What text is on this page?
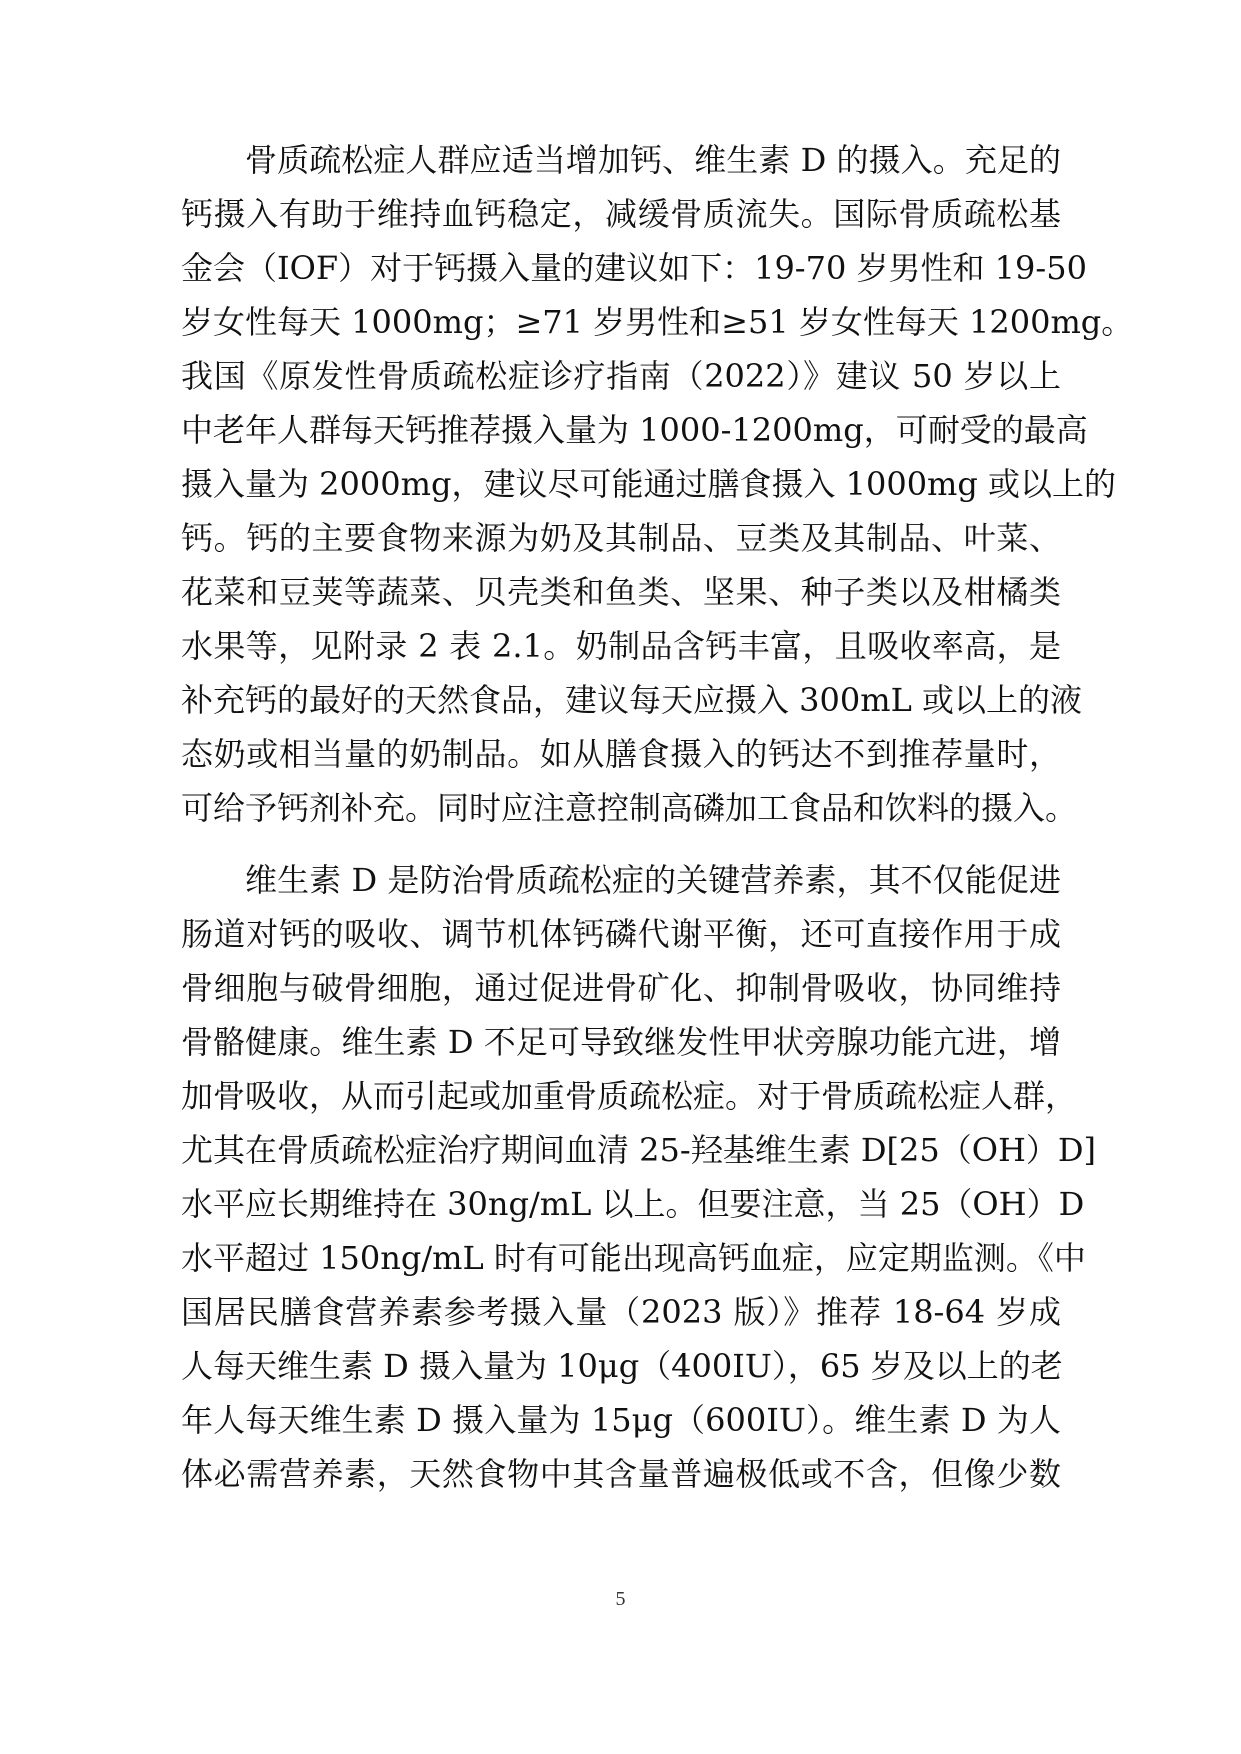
骨质疏松症人群应适当增加钙、维生素 D 的摄入。充足的
钙摄入有助于维持血钙稳定，减缓骨质流失。国际骨质疏松基
金会（IOF）对于钙摄入量的建议如下：19-70 岁男性和 19-50
岁女性每天 1000mg；≥71 岁男性和≥51 岁女性每天 1200mg。
我国《原发性骨质疏松症诊疗指南（2022）》建议 50 岁以上
中老年人群每天钙推荐摄入量为 1000-1200mg，可耐受的最高
摄入量为 2000mg，建议尽可能通过膳食摄入 1000mg 或以上的
钙。钙的主要食物来源为奶及其制品、豆类及其制品、叶菜、
花菜和豆荚等蔬菜、贝壳类和鱼类、坚果、种子类以及柑橘类
水果等，见附录 2 表 2.1。奶制品含钙丰富，且吸收率高，是
补充钙的最好的天然食品，建议每天应摄入 300mL 或以上的液
态奶或相当量的奶制品。如从膳食摄入的钙达不到推荐量时，
可给予钙剂补充。同时应注意控制高磷加工食品和饮料的摄入。
维生素 D 是防治骨质疏松症的关键营养素，其不仅能促进
肠道对钙的吸收、调节机体钙磷代谢平衡，还可直接作用于成
骨细胞与破骨细胞，通过促进骨矿化、抑制骨吸收，协同维持
骨骼健康。维生素 D 不足可导致继发性甲状旁腺功能亢进，增
加骨吸收，从而引起或加重骨质疏松症。对于骨质疏松症人群，
尤其在骨质疏松症治疗期间血清 25-羟基维生素 D[25（OH）D]
水平应长期维持在 30ng/mL 以上。但要注意，当 25（OH）D
水平超过 150ng/mL 时有可能出现高钙血症，应定期监测。《中
国居民膳食营养素参考摄入量（2023 版）》推荐 18-64 岁成
人每天维生素 D 摄入量为 10μg（400IU），65 岁及以上的老
年人每天维生素 D 摄入量为 15μg（600IU）。维生素 D 为人
体必需营养素，天然食物中其含量普遍极低或不含，但像少数
5
